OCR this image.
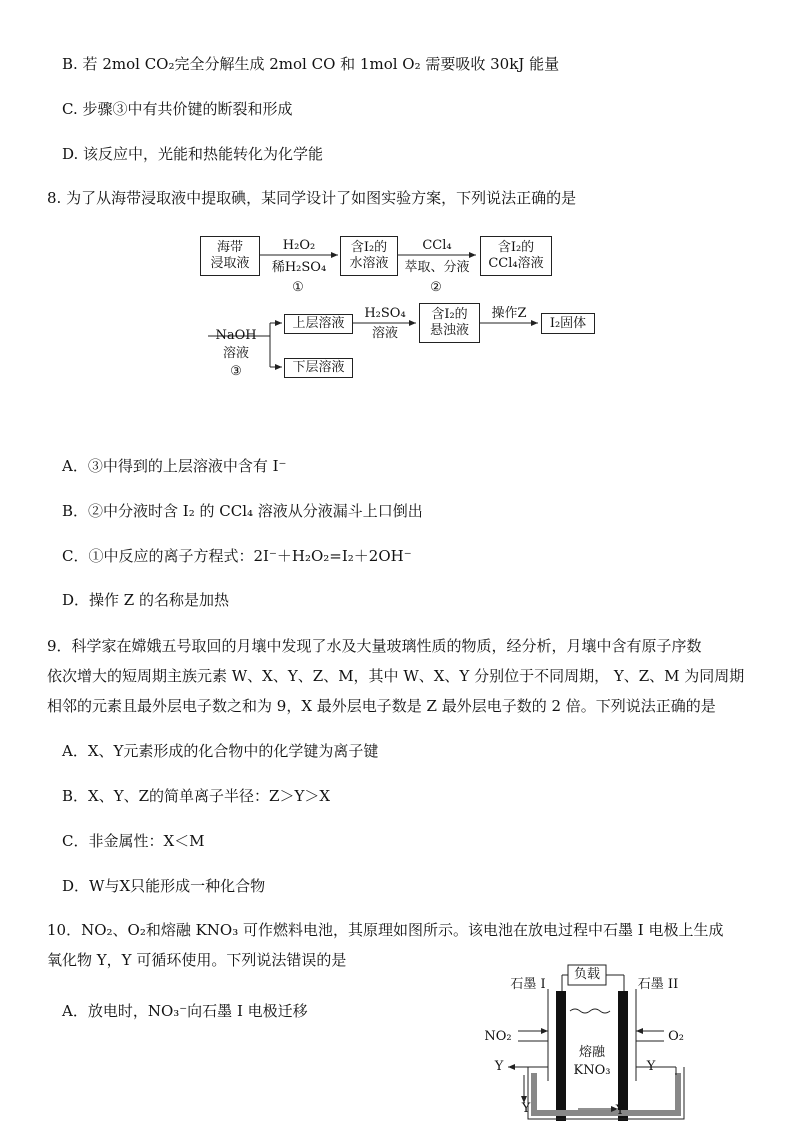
B. 若 2mol CO₂完全分解生成 2mol CO 和 1mol O₂ 需要吸收 30kJ 能量
C. 步骤③中有共价键的断裂和形成
D. 该反应中，光能和热能转化为化学能
8. 为了从海带浸取液中提取碘，某同学设计了如图实验方案，下列说法正确的是
海带
浸取液
H₂O₂
稀H₂SO₄
①
含I₂的
水溶液
CCl₄
萃取、分液
②
含I₂的
CCl₄溶液
NaOH
溶液
③
上层溶液
下层溶液
H₂SO₄
溶液
含I₂的
悬浊液
操作Z
I₂固体
A．③中得到的上层溶液中含有 I⁻
B．②中分液时含 I₂ 的 CCl₄ 溶液从分液漏斗上口倒出
C．①中反应的离子方程式：2I⁻＋H₂O₂=I₂＋2OH⁻
D．操作 Z 的名称是加热
9．科学家在嫦娥五号取回的月壤中发现了水及大量玻璃性质的物质，经分析，月壤中含有原子序数
依次增大的短周期主族元素 W、X、Y、Z、M，其中 W、X、Y 分别位于不同周期， Y、Z、M 为同周期
相邻的元素且最外层电子数之和为 9，X 最外层电子数是 Z 最外层电子数的 2 倍。下列说法正确的是
A．X、Y元素形成的化合物中的化学键为离子键
B．X、Y、Z的简单离子半径：Z＞Y＞X
C．非金属性：X＜M
D．W与X只能形成一种化合物
10．NO₂、O₂和熔融 KNO₃ 可作燃料电池，其原理如图所示。该电池在放电过程中石墨 I 电极上生成
氧化物 Y，Y 可循环使用。下列说法错误的是
A．放电时，NO₃⁻向石墨 I 电极迁移
负载
石墨 I	石墨 II
NO₂	O₂
Y	Y
Y	Y
熔融
KNO₃
